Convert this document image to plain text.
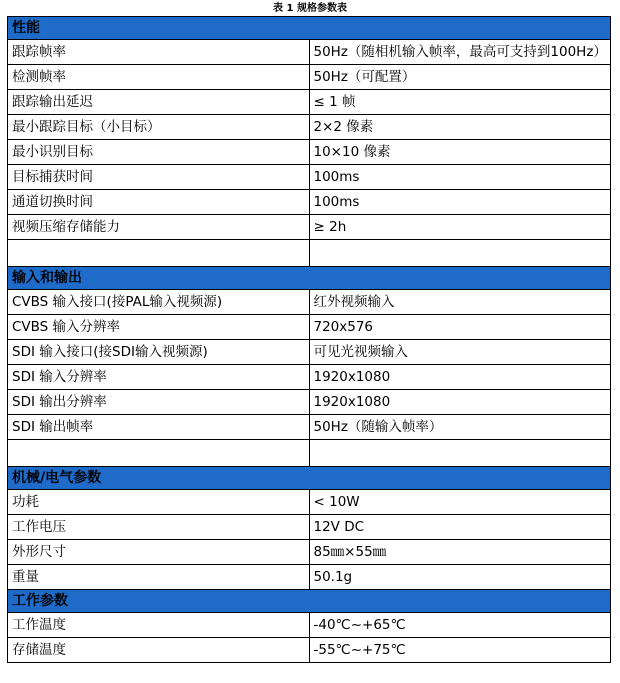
表 1 规格参数表
性能	
跟踪帧率	50Hz（随相机输入帧率，最高可支持到100Hz）
检测帧率	50Hz（可配置）
跟踪输出延迟	≤ 1 帧
最小跟踪目标（小目标）	2×2 像素
最小识别目标	10×10 像素
目标捕获时间	100ms
通道切换时间	100ms
视频压缩存储能力	≥ 2h

输入和输出	
CVBS 输入接口(接PAL输入视频源)	红外视频输入
CVBS 输入分辨率	720x576
SDI 输入接口(接SDI输入视频源)	可见光视频输入
SDI 输入分辨率	1920x1080
SDI 输出分辨率	1920x1080
SDI 输出帧率	50Hz（随输入帧率）

机械/电气参数	
功耗	< 10W
工作电压	12V DC
外形尺寸	85㎜×55㎜
重量	50.1g
工作参数	
工作温度	-40℃~+65℃
存储温度	-55℃~+75℃
